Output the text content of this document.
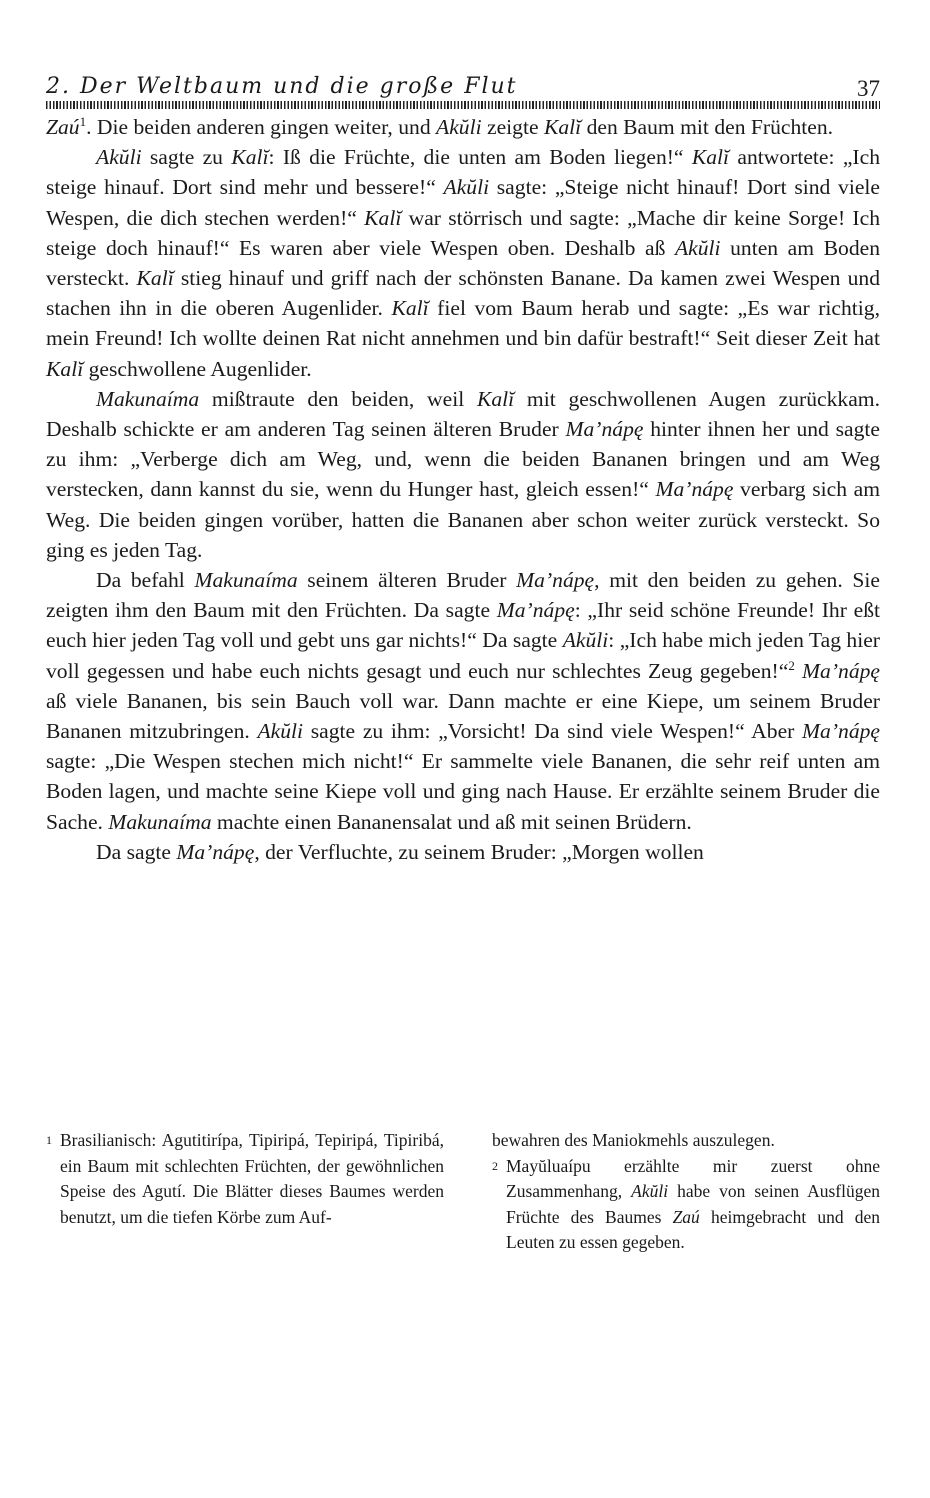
2. Der Weltbaum und die große Flut	37

Zaú$^1$. Die beiden anderen gingen weiter, und Akŭli zeigte Kalĭ den Baum mit den Früchten.

Akŭli sagte zu Kalĭ: Iß die Früchte, die unten am Boden liegen!“ Kalĭ antwortete: „Ich steige hinauf. Dort sind mehr und bessere!“ Akŭli sagte: „Steige nicht hinauf! Dort sind viele Wespen, die dich stechen werden!“ Kalĭ war störrisch und sagte: „Mache dir keine Sorge! Ich steige doch hinauf!“ Es waren aber viele Wespen oben. Deshalb aß Akŭli unten am Boden versteckt. Kalĭ stieg hinauf und griff nach der schönsten Banane. Da kamen zwei Wespen und stachen ihn in die oberen Augenlider. Kalĭ fiel vom Baum herab und sagte: „Es war richtig, mein Freund! Ich wollte deinen Rat nicht annehmen und bin dafür bestraft!“ Seit dieser Zeit hat Kalĭ geschwollene Augenlider.

Makunaíma mißtraute den beiden, weil Kalĭ mit geschwollenen Augen zurückkam. Deshalb schickte er am anderen Tag seinen älteren Bruder Ma’nápę hinter ihnen her und sagte zu ihm: „Verberge dich am Weg, und, wenn die beiden Bananen bringen und am Weg verstecken, dann kannst du sie, wenn du Hunger hast, gleich essen!“ Ma’nápę verbarg sich am Weg. Die beiden gingen vorüber, hatten die Bananen aber schon weiter zurück versteckt. So ging es jeden Tag.

Da befahl Makunaíma seinem älteren Bruder Ma’nápę, mit den beiden zu gehen. Sie zeigten ihm den Baum mit den Früchten. Da sagte Ma’nápę: „Ihr seid schöne Freunde! Ihr eßt euch hier jeden Tag voll und gebt uns gar nichts!“ Da sagte Akŭli: „Ich habe mich jeden Tag hier voll gegessen und habe euch nichts gesagt und euch nur schlechtes Zeug gegeben!“$^2$ Ma’nápę aß viele Bananen, bis sein Bauch voll war. Dann machte er eine Kiepe, um seinem Bruder Bananen mitzubringen. Akŭli sagte zu ihm: „Vorsicht! Da sind viele Wespen!“ Aber Ma’nápę sagte: „Die Wespen stechen mich nicht!“ Er sammelte viele Bananen, die sehr reif unten am Boden lagen, und machte seine Kiepe voll und ging nach Hause. Er erzählte seinem Bruder die Sache. Makunaíma machte einen Bananensalat und aß mit seinen Brüdern.

Da sagte Ma’nápę, der Verfluchte, zu seinem Bruder: „Morgen wollen

1 Brasilianisch: Agutitirípa, Tipiripá, Tepiripá, Tipiribá, ein Baum mit schlechten Früchten, der gewöhnlichen Speise des Agutí. Die Blätter dieses Baumes werden benutzt, um die tiefen Körbe zum Auf-

bewahren des Maniokmehls auszulegen.

2 Mayŭluaípu erzählte mir zuerst ohne Zusammenhang, Akŭli habe von seinen Ausflügen Früchte des Baumes Zaú heimgebracht und den Leuten zu essen gegeben.
